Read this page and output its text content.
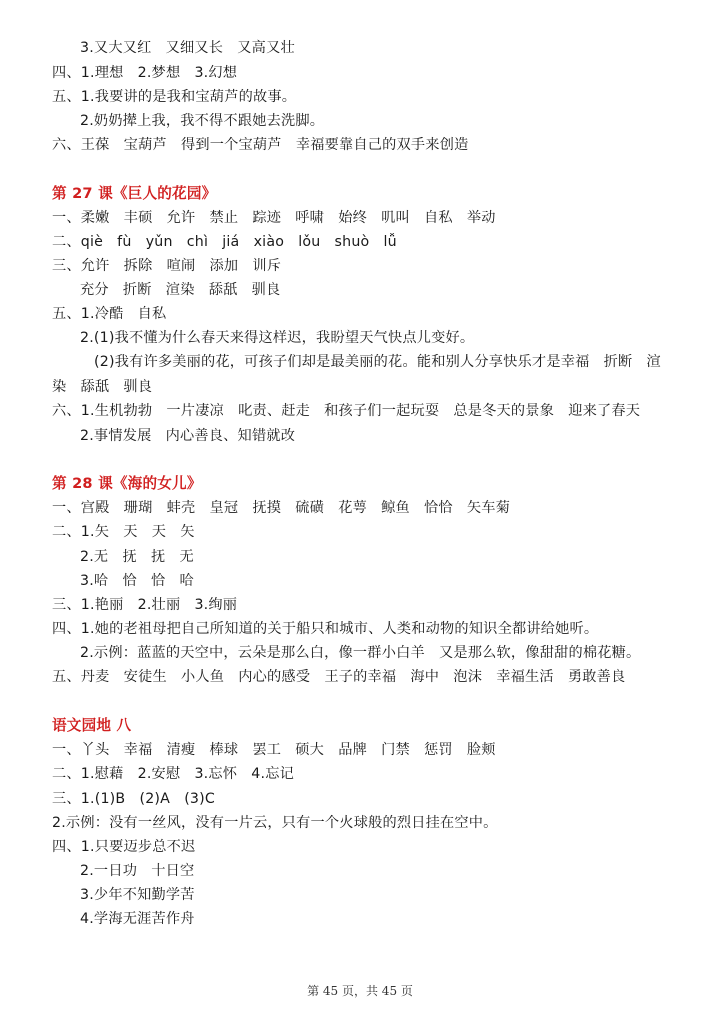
3.又大又红   又细又长   又高又壮
四、1.理想   2.梦想   3.幻想
五、1.我要讲的是我和宝葫芦的故事。
2.奶奶撵上我，我不得不跟她去洗脚。
六、王葆   宝葫芦   得到一个宝葫芦   幸福要靠自己的双手来创造
第 27 课《巨人的花园》
一、柔嫩   丰硕   允许   禁止   踪迹   呼啸   始终   叽叫   自私   举动
二、qiè   fù   yǔn   chì   jiá   xiào   lǒu   shuò   lǚ
三、允许   拆除   喧闹   添加   训斥
充分   折断   渲染   舔舐   驯良
五、1.冷酷   自私
2.(1)我不懂为什么春天来得这样迟，我盼望天气快点儿变好。
(2)我有许多美丽的花，可孩子们却是最美丽的花。能和别人分享快乐才是幸福   折断   渲
染   舔舐   驯良
六、1.生机勃勃   一片凄凉   叱责、赶走   和孩子们一起玩耍   总是冬天的景象   迎来了春天
2.事情发展   内心善良、知错就改
第 28 课《海的女儿》
一、宫殿   珊瑚   蚌壳   皇冠   抚摸   硫磺   花萼   鲸鱼   恰恰   矢车菊
二、1.矢   天   天   矢
2.无   抚   抚   无
3.哈   恰   恰   哈
三、1.艳丽   2.壮丽   3.绚丽
四、1.她的老祖母把自己所知道的关于船只和城市、人类和动物的知识全都讲给她听。
2.示例：蓝蓝的天空中，云朵是那么白，像一群小白羊   又是那么软，像甜甜的棉花糖。
五、丹麦   安徒生   小人鱼   内心的感受   王子的幸福   海中   泡沫   幸福生活   勇敢善良
语文园地 八
一、丫头   幸福   清瘦   棒球   罢工   硕大   品牌   门禁   惩罚   脸颊
二、1.慰藉   2.安慰   3.忘怀   4.忘记
三、1.(1)B   (2)A   (3)C
2.示例：没有一丝风，没有一片云，只有一个火球般的烈日挂在空中。
四、1.只要迈步总不迟
2.一日功   十日空
3.少年不知勤学苦
4.学海无涯苦作舟
第 45 页，共 45 页
